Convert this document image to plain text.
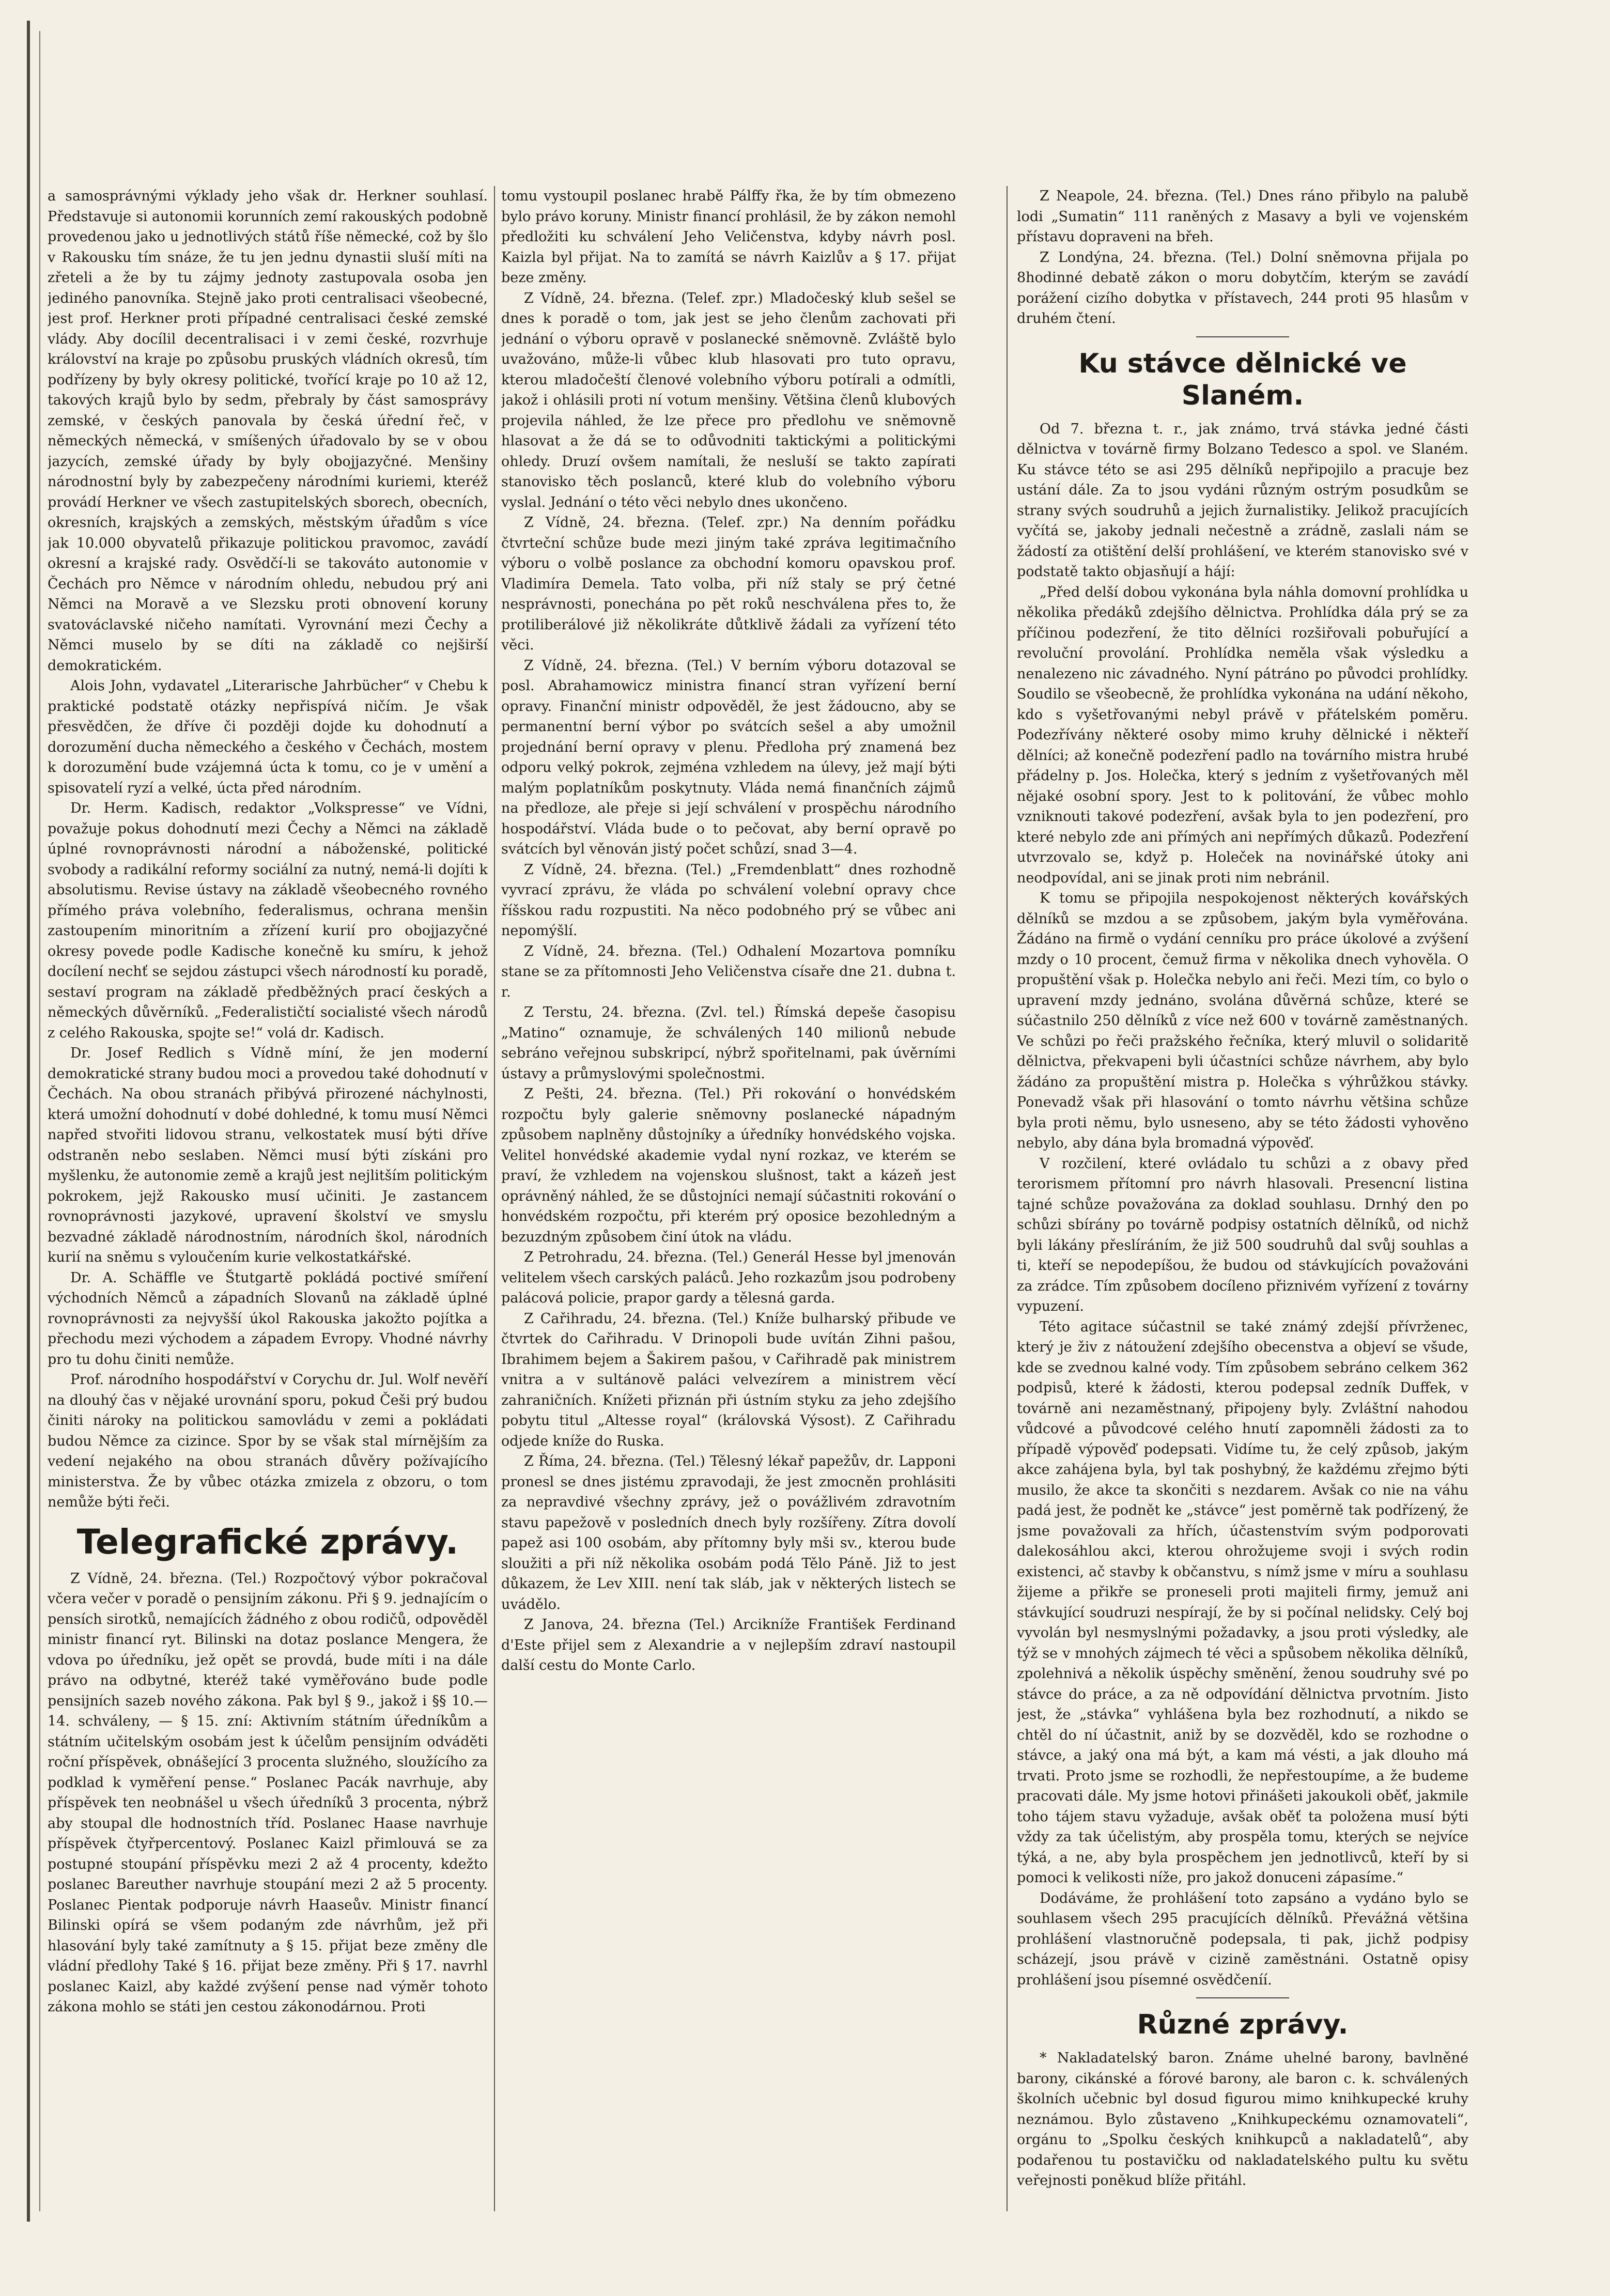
a samosprávnými výklady jeho však dr. Herkner souhlasí. Představuje si autonomii korunních zemí rakouských podobně provedenou jako u jednotlivých států říše německé, což by šlo v Rakousku tím snáze, že tu jen jednu dynastii sluší míti na zřeteli a že by tu zájmy jednoty zastupovala osoba jen jediného panovníka. Stejně jako proti centralisaci všeobecné, jest prof. Herkner proti případné centralisaci české zemské vlády. Aby docílil decentralisaci i v zemi české, rozvrhuje království na kraje po způsobu pruských vládních okresů, tím podřízeny by byly okresy politické, tvořící kraje po 10 až 12, takových krajů bylo by sedm, přebraly by část samosprávy zemské, v českých panovala by česká úřední řeč, v německých německá, v smíšených úřadovalo by se v obou jazycích, zemské úřady by byly obojjazyčné. Menšiny národnostní byly by zabezpečeny národními kuriemi, kteréž provádí Herkner ve všech zastupitelských sborech, obecních, okresních, krajských a zemských, městským úřadům s více jak 10.000 obyvatelů přikazuje politickou pravomoc, zavádí okresní a krajské rady. Osvědčí-li se takováto autonomie v Čechách pro Němce v národním ohledu, nebudou prý ani Němci na Moravě a ve Slezsku proti obnovení koruny svatováclavské ničeho namítati. Vyrovnání mezi Čechy a Němci muselo by se díti na základě co nejširší demokratickém.

Alois John, vydavatel „Literarische Jahrbücher“ v Chebu k praktické podstatě otázky nepřispívá ničím. Je však přesvědčen, že dříve či později dojde ku dohodnutí a dorozumění ducha německého a českého v Čechách, mostem k dorozumění bude vzájemná úcta k tomu, co je v umění a spisovatelí ryzí a velké, úcta před národním.

Dr. Herm. Kadisch, redaktor „Volkspresse“ ve Vídni, považuje pokus dohodnutí mezi Čechy a Němci na základě úplné rovnoprávnosti národní a náboženské, politické svobody a radikální reformy sociální za nutný, nemá-li dojíti k absolutismu. Revise ústavy na základě všeobecného rovného přímého práva volebního, federalismus, ochrana menšin zastoupením minoritním a zřízení kurií pro obojjazyčné okresy povede podle Kadische konečně ku smíru, k jehož docílení nechť se sejdou zástupci všech národností ku poradě, sestaví program na základě předběžných prací českých a německých důvěrníků. „Federalističtí socialisté všech národů z celého Rakouska, spojte se!“ volá dr. Kadisch.

Dr. Josef Redlich s Vídně míní, že jen moderní demokratické strany budou moci a provedou také dohodnutí v Čechách. Na obou stranách přibývá přirozené náchylnosti, která umožní dohodnutí v dobé dohledné, k tomu musí Němci napřed stvořiti lidovou stranu, velkostatek musí býti dříve odstraněn nebo seslaben. Němci musí býti získáni pro myšlenku, že autonomie země a krajů jest nejlitším politickým pokrokem, jejž Rakousko musí učiniti. Je zastancem rovnoprávnosti jazykové, upravení školství ve smyslu bezvadné základě národnostním, národních škol, národních kurií na sněmu s vyloučením kurie velkostatkářské.

Dr. A. Schäffle ve Štutgartě pokládá poctivé smíření východních Němců a západních Slovanů na základě úplné rovnoprávnosti za nejvyšší úkol Rakouska jakožto pojítka a přechodu mezi východem a západem Evropy. Vhodné návrhy pro tu dohu činiti nemůže.

Prof. národního hospodářství v Corychu dr. Jul. Wolf nevěří na dlouhý čas v nějaké urovnání sporu, pokud Češi prý budou činiti nároky na politickou samovládu v zemi a pokládati budou Němce za cizince. Spor by se však stal mírnějším za vedení nejakého na obou stranách důvěry požívajícího ministerstva. Že by vůbec otázka zmizela z obzoru, o tom nemůže býti řeči.

Telegrafické zprávy.

Z Vídně, 24. března. (Tel.) Rozpočtový výbor pokračoval včera večer v poradě o pensijním zákonu. Při § 9. jednajícím o pensích sirotků, nemajících žádného z obou rodičů, odpověděl ministr financí ryt. Bilinski na dotaz poslance Mengera, že vdova po úředníku, jež opět se provdá, bude míti i na dále právo na odbytné, kteréž také vyměřováno bude podle pensijních sazeb nového zákona. Pak byl § 9., jakož i §§ 10.—14. schváleny, — § 15. zní: Aktivním státním úředníkům a státním učitelským osobám jest k účelům pensijním odváděti roční příspěvek, obnášející 3 procenta služného, sloužícího za podklad k vyměření pense.“ Poslanec Pacák navrhuje, aby příspěvek ten neobnášel u všech úředníků 3 procenta, nýbrž aby stoupal dle hodnostních tříd. Poslanec Haase navrhuje příspěvek čtyřpercentový. Poslanec Kaizl přimlouvá se za postupné stoupání příspěvku mezi 2 až 4 procenty, kdežto poslanec Bareuther navrhuje stoupání mezi 2 až 5 procenty. Poslanec Pientak podporuje návrh Haaseův. Ministr financí Bilinski opírá se všem podaným zde návrhům, jež při hlasování byly také zamítnuty a § 15. přijat beze změny dle vládní předlohy Také § 16. přijat beze změny. Při § 17. navrhl poslanec Kaizl, aby každé zvýšení pense nad výměr tohoto zákona mohlo se státi jen cestou zákonodárnou. Proti

tomu vystoupil poslanec hrabě Pálffy řka, že by tím obmezeno bylo právo koruny. Ministr financí prohlásil, že by zákon nemohl předložiti ku schválení Jeho Veličenstva, kdyby návrh posl. Kaizla byl přijat. Na to zamítá se návrh Kaizlův a § 17. přijat beze změny.

Z Vídně, 24. března. (Telef. zpr.) Mladočeský klub sešel se dnes k poradě o tom, jak jest se jeho členům zachovati při jednání o výboru opravě v poslanecké sněmovně. Zvláště bylo uvažováno, může-li vůbec klub hlasovati pro tuto opravu, kterou mladočeští členové volebního výboru potírali a odmítli, jakož i ohlásili proti ní votum menšiny. Většina členů klubových projevila náhled, že lze přece pro předlohu ve sněmovně hlasovat a že dá se to odůvodniti taktickými a politickými ohledy. Druzí ovšem namítali, že nesluší se takto zapírati stanovisko těch poslanců, které klub do volebního výboru vyslal. Jednání o této věci nebylo dnes ukončeno.

Z Vídně, 24. března. (Telef. zpr.) Na denním pořádku čtvrteční schůze bude mezi jiným také zpráva legitimačního výboru o volbě poslance za obchodní komoru opavskou prof. Vladimíra Demela. Tato volba, při níž staly se prý četné nesprávnosti, ponechána po pět roků neschválena přes to, že protiliberálové již několikráte důtklivě žádali za vyřízení této věci.

Z Vídně, 24. března. (Tel.) V berním výboru dotazoval se posl. Abrahamowicz ministra financí stran vyřízení berní opravy. Finanční ministr odpověděl, že jest žádoucno, aby se permanentní berní výbor po svátcích sešel a aby umožnil projednání berní opravy v plenu. Předloha prý znamená bez odporu velký pokrok, zejména vzhledem na úlevy, jež mají býti malým poplatníkům poskytnuty. Vláda nemá finančních zájmů na předloze, ale přeje si její schválení v prospěchu národního hospodářství. Vláda bude o to pečovat, aby berní opravě po svátcích byl věnován jistý počet schůzí, snad 3—4.

Z Vídně, 24. března. (Tel.) „Fremdenblatt“ dnes rozhodně vyvrací zprávu, že vláda po schválení volební opravy chce říšskou radu rozpustiti. Na něco podobného prý se vůbec ani nepomýšlí.

Z Vídně, 24. března. (Tel.) Odhalení Mozartova pomníku stane se za přítomnosti Jeho Veličenstva císaře dne 21. dubna t. r.

Z Terstu, 24. března. (Zvl. tel.) Římská depeše časopisu „Matino“ oznamuje, že schválených 140 milionů nebude sebráno veřejnou subskripcí, nýbrž spořitelnami, pak úvěrními ústavy a průmyslovými společnostmi.

Z Pešti, 24. března. (Tel.) Při rokování o honvédském rozpočtu byly galerie sněmovny poslanecké nápadným způsobem naplněny důstojníky a úředníky honvédského vojska. Velitel honvédské akademie vydal nyní rozkaz, ve kterém se praví, že vzhledem na vojenskou slušnost, takt a kázeň jest oprávněný náhled, že se důstojníci nemají súčastniti rokování o honvédském rozpočtu, při kterém prý oposice bezohledným a bezuzdným způsobem činí útok na vládu.

Z Petrohradu, 24. března. (Tel.) Generál Hesse byl jmenován velitelem všech carských paláců. Jeho rozkazům jsou podrobeny palácová policie, prapor gardy a tělesná garda.

Z Cařihradu, 24. března. (Tel.) Kníže bulharský přibude ve čtvrtek do Cařihradu. V Drinopoli bude uvítán Zihni pašou, Ibrahimem bejem a Šakirem pašou, v Cařihradě pak ministrem vnitra a v sultánově paláci velvezírem a ministrem věcí zahraničních. Knížeti přiznán při ústním styku za jeho zdejšího pobytu titul „Altesse royal“ (královská Výsost). Z Cařihradu odjede kníže do Ruska.

Z Říma, 24. března. (Tel.) Tělesný lékař papežův, dr. Lapponi pronesl se dnes jistému zpravodaji, že jest zmocněn prohlásiti za nepravdivé všechny zprávy, jež o povážlivém zdravotním stavu papežově v posledních dnech byly rozšířeny. Zítra dovolí papež asi 100 osobám, aby přítomny byly mši sv., kterou bude sloužiti a při níž několika osobám podá Tělo Páně. Již to jest důkazem, že Lev XIII. není tak sláb, jak v některých listech se uvádělo.

Z Janova, 24. března (Tel.) Arcikníže František Ferdinand d'Este přijel sem z Alexandrie a v nejlepším zdraví nastoupil další cestu do Monte Carlo.

Z Neapole, 24. března. (Tel.) Dnes ráno přibylo na palubě lodi „Sumatin“ 111 raněných z Masavy a byli ve vojenském přístavu dopraveni na břeh.

Z Londýna, 24. března. (Tel.) Dolní sněmovna přijala po 8hodinné debatě zákon o moru dobytčím, kterým se zavádí porážení cizího dobytka v přístavech, 244 proti 95 hlasům v druhém čtení.

Ku stávce dělnické ve Slaném.

Od 7. března t. r., jak známo, trvá stávka jedné části dělnictva v továrně firmy Bolzano Tedesco a spol. ve Slaném. Ku stávce této se asi 295 dělníků nepřipojilo a pracuje bez ustání dále. Za to jsou vydáni různým ostrým posudkům se strany svých soudruhů a jejich žurnalistiky. Jelikož pracujících vyčítá se, jakoby jednali nečestně a zrádně, zaslali nám se žádostí za otištění delší prohlášení, ve kterém stanovisko své v podstatě takto objasňují a hájí:

„Před delší dobou vykonána byla náhla domovní prohlídka u několika předáků zdejšího dělnictva. Prohlídka dála prý se za příčinou podezření, že tito dělníci rozšiřovali pobuřující a revoluční provolání. Prohlídka neměla však výsledku a nenalezeno nic závadného. Nyní pátráno po původci prohlídky. Soudilo se všeobecně, že prohlídka vykonána na udání někoho, kdo s vyšetřovanými nebyl právě v přátelském poměru. Podezřívány některé osoby mimo kruhy dělnické i někteří dělníci; až konečně podezření padlo na továrního mistra hrubé přádelny p. Jos. Holečka, který s jedním z vyšetřovaných měl nějaké osobní spory. Jest to k politování, že vůbec mohlo vzniknouti takové podezření, avšak byla to jen podezření, pro které nebylo zde ani přímých ani nepřímých důkazů. Podezření utvrzovalo se, když p. Holeček na novinářské útoky ani neodpovídal, ani se jinak proti nim nebránil.

K tomu se připojila nespokojenost některých kovářských dělníků se mzdou a se způsobem, jakým byla vyměřována. Žádáno na firmě o vydání cenníku pro práce úkolové a zvýšení mzdy o 10 procent, čemuž firma v několika dnech vyhověla. O propuštění však p. Holečka nebylo ani řeči. Mezi tím, co bylo o upravení mzdy jednáno, svolána důvěrná schůze, které se súčastnilo 250 dělníků z více než 600 v továrně zaměstnaných. Ve schůzi po řeči pražského řečníka, který mluvil o solidaritě dělnictva, překvapeni byli účastníci schůze návrhem, aby bylo žádáno za propuštění mistra p. Holečka s výhrůžkou stávky. Ponevadž však při hlasování o tomto návrhu většina schůze byla proti němu, bylo usneseno, aby se této žádosti vyhověno nebylo, aby dána byla bromadná výpověď.

V rozčilení, které ovládalo tu schůzi a z obavy před terorismem přítomní pro návrh hlasovali. Presencní listina tajné schůze považována za doklad souhlasu. Drnhý den po schůzi sbírány po továrně podpisy ostatních dělníků, od nichž byli lákány přeslíráním, že již 500 soudruhů dal svůj souhlas a ti, kteří se nepodepíšou, že budou od stávkujících považováni za zrádce. Tím způsobem docíleno přiznivém vyřízení z továrny vypuzení.

Této agitace súčastnil se také známý zdejší přívrženec, který je živ z nátoužení zdejšího obecenstva a objeví se všude, kde se zvednou kalné vody. Tím způsobem sebráno celkem 362 podpisů, které k žádosti, kterou podepsal zedník Duffek, v továrně ani nezaměstnaný, připojeny byly. Zvláštní nahodou vůdcové a původcové celého hnutí zapomněli žádosti za to případě výpověď podepsati. Vidíme tu, že celý způsob, jakým akce zahájena byla, byl tak poshybný, že každému zřejmo býti musilo, že akce ta skončiti s nezdarem. Avšak co nie na váhu padá jest, že podnět ke „stávce“ jest poměrně tak podřízený, že jsme považovali za hřích, účastenstvím svým podporovati dalekosáhlou akci, kterou ohrožujeme svoji i svých rodin existenci, ač stavby k občanstvu, s nímž jsme v míru a souhlasu žijeme a přikře se proneseli proti majiteli firmy, jemuž ani stávkující soudruzi nespírají, že by si počínal nelidsky. Celý boj vyvolán byl nesmyslnými požadavky, a jsou proti výsledky, ale týž se v mnohých zájmech té věci a spůsobem několika dělníků, zpolehnivá a několik úspěchy směnění, ženou soudruhy své po stávce do práce, a za ně odpovídání dělnictva prvotním. Jisto jest, že „stávka“ vyhlášena byla bez rozhodnutí, a nikdo se chtěl do ní účastnit, aniž by se dozvěděl, kdo se rozhodne o stávce, a jaký ona má být, a kam má vésti, a jak dlouho má trvati. Proto jsme se rozhodli, že nepřestoupíme, a že budeme pracovati dále. My jsme hotovi přinášeti jakoukoli oběť, jakmile toho tájem stavu vyžaduje, avšak oběť ta položena musí býti vždy za tak účelistým, aby prospěla tomu, kterých se nejvíce týká, a ne, aby byla prospěchem jen jednotlivců, kteří by si pomoci k velikosti níže, pro jakož donuceni zápasíme.“

Dodáváme, že prohlášení toto zapsáno a vydáno bylo se souhlasem všech 295 pracujících dělníků. Převážná většina prohlášení vlastnoručně podepsala, ti pak, jichž podpisy scházejí, jsou právě v cizině zaměstnáni. Ostatně opisy prohlášení jsou písemné osvědčeníí.

Různé zprávy.

* Nakladatelský baron. Známe uhelné barony, bavlněné barony, cikánské a fórové barony, ale baron c. k. schválených školních učebnic byl dosud figurou mimo knihkupecké kruhy neznámou. Bylo zůstaveno „Knihkupeckému oznamovateli“, orgánu to „Spolku českých knihkupců a nakladatelů“, aby podařenou tu postavičku od nakladatelského pultu ku světu veřejnosti poněkud blíže přitáhl.
